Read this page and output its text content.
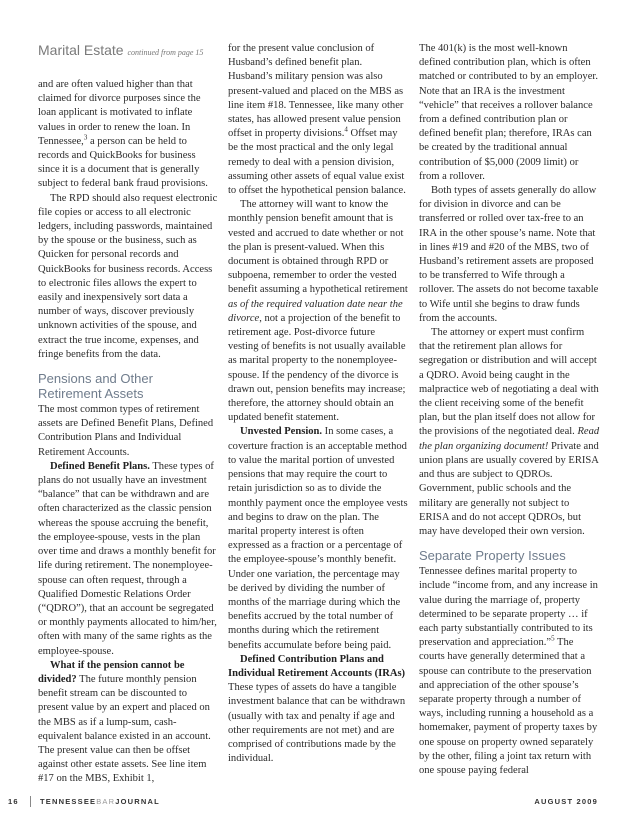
Marital Estate continued from page 15

and are often valued higher than that claimed for divorce purposes since the loan applicant is motivated to inflate values in order to renew the loan. In Tennessee,$^3$ a person can be held to records and QuickBooks for business since it is a document that is generally subject to federal bank fraud provisions.

The RPD should also request electronic file copies or access to all electronic ledgers, including passwords, maintained by the spouse or the business, such as Quicken for personal records and QuickBooks for business records. Access to electronic files allows the expert to easily and inexpensively sort data a number of ways, discover previously unknown activities of the spouse, and extract the true income, expenses, and fringe benefits from the data.

Pensions and Other Retirement Assets

The most common types of retirement assets are Defined Benefit Plans, Defined Contribution Plans and Individual Retirement Accounts.

Defined Benefit Plans. These types of plans do not usually have an investment “balance” that can be withdrawn and are often characterized as the classic pension whereas the spouse accruing the benefit, the employee-spouse, vests in the plan over time and draws a monthly benefit for life during retirement. The nonemployee-spouse can often request, through a Qualified Domestic Relations Order (“QDRO”), that an account be segregated or monthly payments allocated to him/her, often with many of the same rights as the employee-spouse.

What if the pension cannot be divided? The future monthly pension benefit stream can be discounted to present value by an expert and placed on the MBS as if a lump-sum, cash-equivalent balance existed in an account. The present value can then be offset against other estate assets. See line item #17 on the MBS, Exhibit 1,

for the present value conclusion of Husband’s defined benefit plan. Husband’s military pension was also present-valued and placed on the MBS as line item #18. Tennessee, like many other states, has allowed present value pension offset in property divisions.$^4$ Offset may be the most practical and the only legal remedy to deal with a pension division, assuming other assets of equal value exist to offset the hypothetical pension balance.

The attorney will want to know the monthly pension benefit amount that is vested and accrued to date whether or not the plan is present-valued. When this document is obtained through RPD or subpoena, remember to order the vested benefit assuming a hypothetical retirement as of the required valuation date near the divorce, not a projection of the benefit to retirement age. Post-divorce future vesting of benefits is not usually available as marital property to the nonemployee-spouse. If the pendency of the divorce is drawn out, pension benefits may increase; therefore, the attorney should obtain an updated benefit statement.

Unvested Pension. In some cases, a coverture fraction is an acceptable method to value the marital portion of unvested pensions that may require the court to retain jurisdiction so as to divide the monthly payment once the employee vests and begins to draw on the plan. The marital property interest is often expressed as a fraction or a percentage of the employee-spouse’s monthly benefit. Under one variation, the percentage may be derived by dividing the number of months of the marriage during which the benefits accrued by the total number of months during which the retirement benefits accumulate before being paid.

Defined Contribution Plans and Individual Retirement Accounts (IRAs) These types of assets do have a tangible investment balance that can be withdrawn (usually with tax and penalty if age and other requirements are not met) and are comprised of contributions made by the individual.

The 401(k) is the most well-known defined contribution plan, which is often matched or contributed to by an employer. Note that an IRA is the investment “vehicle” that receives a rollover balance from a defined contribution plan or defined benefit plan; therefore, IRAs can be created by the traditional annual contribution of $5,000 (2009 limit) or from a rollover.

Both types of assets generally do allow for division in divorce and can be transferred or rolled over tax-free to an IRA in the other spouse’s name. Note that in lines #19 and #20 of the MBS, two of Husband’s retirement assets are proposed to be transferred to Wife through a rollover. The assets do not become taxable to Wife until she begins to draw funds from the accounts.

The attorney or expert must confirm that the retirement plan allows for segregation or distribution and will accept a QDRO. Avoid being caught in the malpractice web of negotiating a deal with the client receiving some of the benefit plan, but the plan itself does not allow for the provisions of the negotiated deal. Read the plan organizing document! Private and union plans are usually covered by ERISA and thus are subject to QDROs. Government, public schools and the military are generally not subject to ERISA and do not accept QDROs, but may have developed their own version.

Separate Property Issues

Tennessee defines marital property to include “income from, and any increase in value during the marriage of, property determined to be separate property … if each party substantially contributed to its preservation and appreciation.”$^5$ The courts have generally determined that a spouse can contribute to the preservation and appreciation of the other spouse’s separate property through a number of ways, including running a household as a homemaker, payment of property taxes by one spouse on property owned separately by the other, filing a joint tax return with one spouse paying federal

16	TENNESSEEBARJOURNAL	AUGUST 2009
